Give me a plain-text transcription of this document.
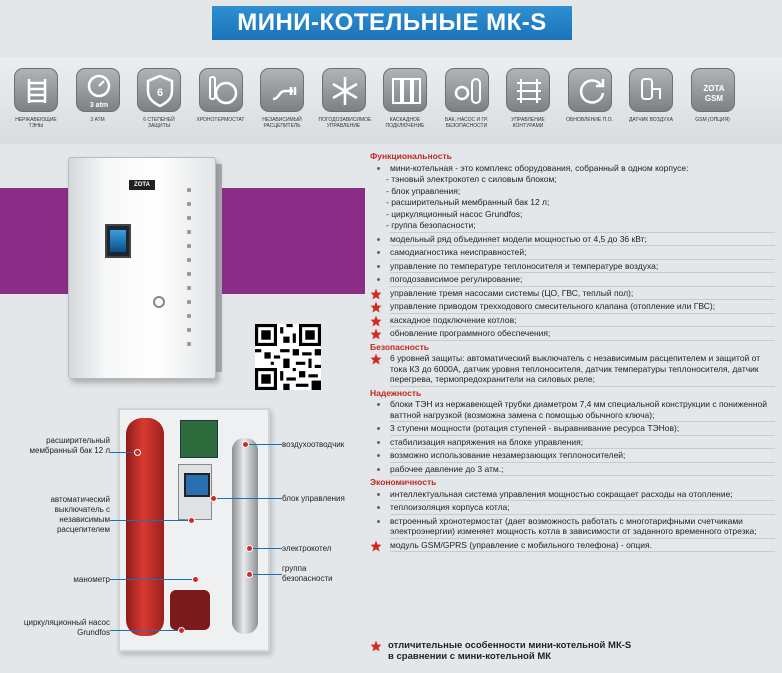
МИНИ-КОТЕЛЬНЫЕ МК-S
НЕРЖАВЕЮЩИЕ ТЭНЫ
3 atm
3 АТМ
6
6 СТЕПЕНЕЙ ЗАЩИТЫ
ХРОНОТЕРМОСТАТ	НЕЗАВИСИМЫЙ РАСЦЕПИТЕЛЬ
ПОГОДОЗАВИСИМОЕ УПРАВЛЕНИЕ
КАСКАДНОЕ ПОДКЛЮЧЕНИЕ
БАК, НАСОС И ГР. БЕЗОПАСНОСТИ
УПРАВЛЕНИЕ КОНТУРАМИ
ОБНОВЛЕНИЕ П.О.	ДАТЧИК ВОЗДУХА
ZOTA
GSM
GSM (ОПЦИЯ)
ZOTA
расширительный мембранный бак 12 л
автоматический выключатель с независимым расцепителем
манометр
циркуляционный насос Grundfos
воздухоотводчик
блок управления
электрокотел
группа безопасности
Функциональность
мини-котельная - это комплекс оборудования, собранный в одном корпусе:
- тэновый электрокотел с силовым блоком;
- блок управления;
- расширительный мембранный бак 12 л;
- циркуляционный насос Grundfos;
- группа безопасности;
модельный ряд объединяет модели мощностью от 4,5 до 36 кВт;
самодиагностика неисправностей;
управление по температуре теплоносителя и температуре воздуха;
погодозависимое регулирование;
управление тремя насосами системы (ЦО, ГВС, теплый пол);
управление приводом трехходового смесительного клапана (отопление или ГВС);
каскадное подключение котлов;
обновление программного обеспечения;
Безопасность
6 уровней защиты: автоматический выключатель с независимым расцепителем и защитой от тока КЗ до 6000А, датчик уровня теплоносителя, датчик температуры теплоносителя, датчик перегрева, термопредохранители на силовых реле;
Надежность
блоки ТЭН из нержавеющей трубки диаметром 7,4 мм специальной конструкции с пониженной ваттной нагрузкой (возможна замена с помощью обычного ключа);
3 ступени мощности (ротация ступеней - выравнивание ресурса ТЭНов);
стабилизация напряжения на блоке управления;
возможно использование незамерзающих теплоносителей;
рабочее давление до 3 атм.;
Экономичность
интеллектуальная система управления мощностью сокращает расходы на отопление;
теплоизоляция корпуса котла;
встроенный хронотермостат (дает возможность работать с многотарифными счетчиками электроэнергии) изменяет мощность котла в зависимости от заданного временного отрезка;
модуль GSM/GPRS (управление с мобильного телефона) - опция.
отличительные особенности мини-котельной МК-S
в сравнении с мини-котельной МК
